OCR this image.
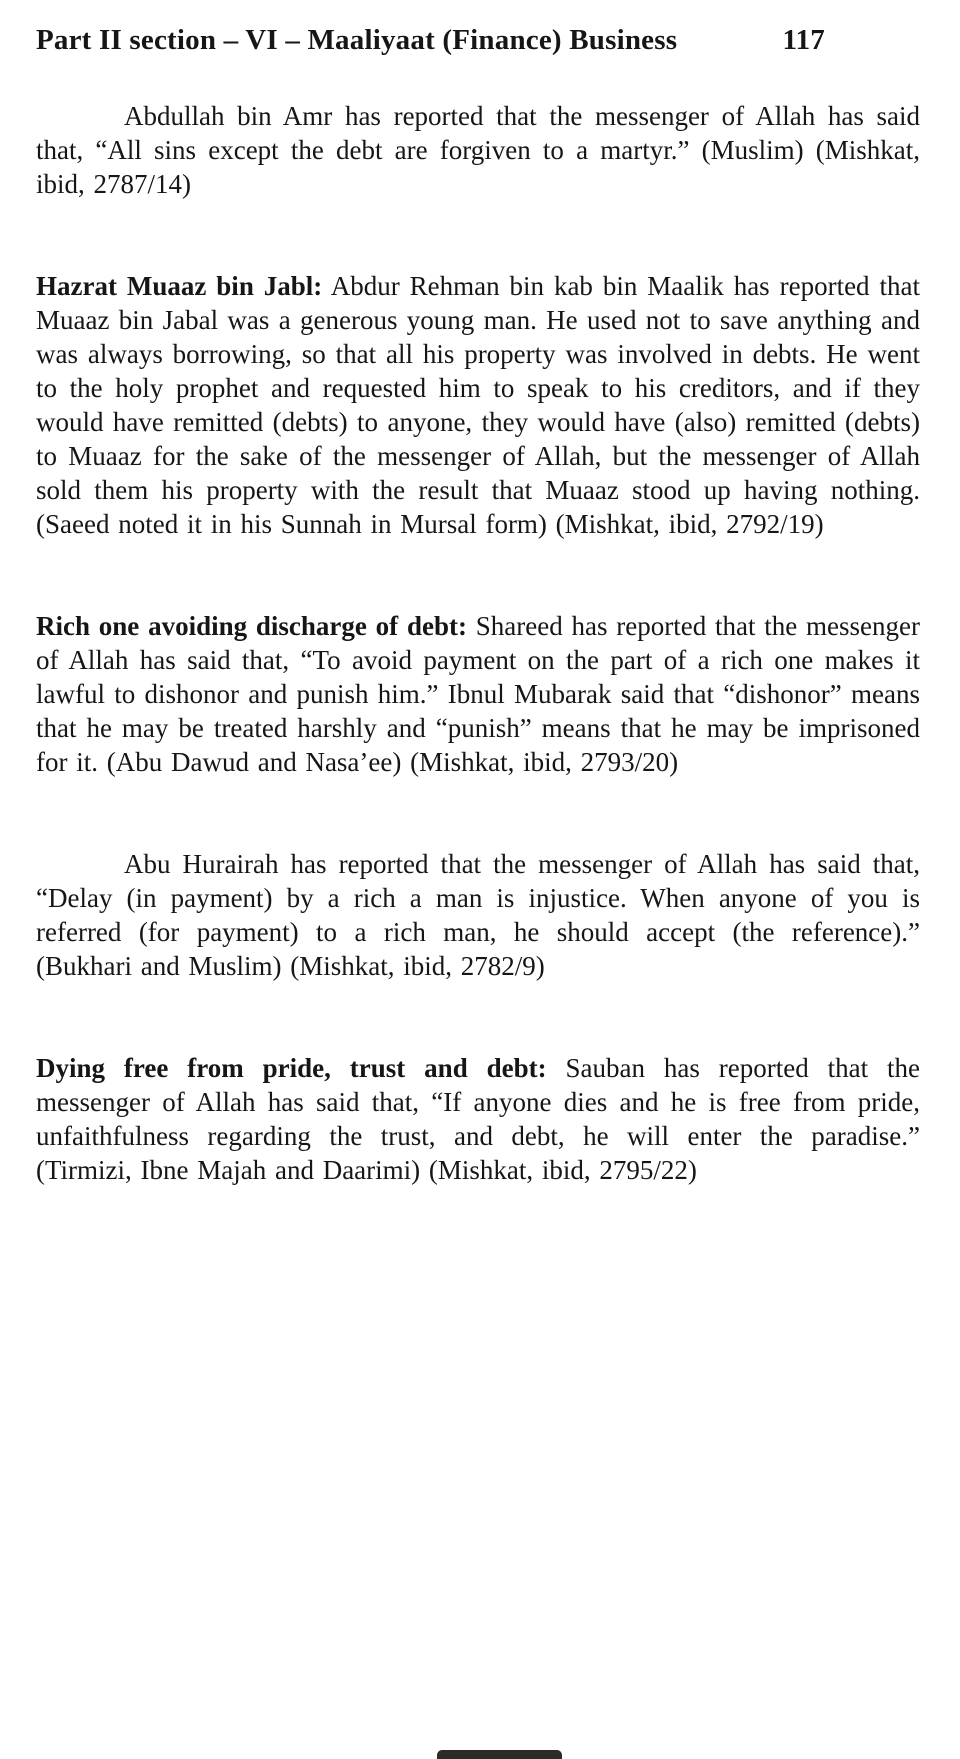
Part II section – VI – Maaliyaat (Finance) Business	117

Abdullah bin Amr has reported that the messenger of Allah has said that, “All sins except the debt are forgiven to a martyr.” (Muslim) (Mishkat, ibid, 2787/14)

Hazrat Muaaz bin Jabl: Abdur Rehman bin kab bin Maalik has reported that Muaaz bin Jabal was a generous young man. He used not to save anything and was always borrowing, so that all his property was involved in debts. He went to the holy prophet and requested him to speak to his creditors, and if they would have remitted (debts) to anyone, they would have (also) remitted (debts) to Muaaz for the sake of the messenger of Allah, but the messenger of Allah sold them his property with the result that Muaaz stood up having nothing. (Saeed noted it in his Sunnah in Mursal form) (Mishkat, ibid, 2792/19)

Rich one avoiding discharge of debt: Shareed has reported that the messenger of Allah has said that, “To avoid payment on the part of a rich one makes it lawful to dishonor and punish him.” Ibnul Mubarak said that “dishonor” means that he may be treated harshly and “punish” means that he may be imprisoned for it. (Abu Dawud and Nasa’ee) (Mishkat, ibid, 2793/20)

Abu Hurairah has reported that the messenger of Allah has said that, “Delay (in payment) by a rich a man is injustice. When anyone of you is referred (for payment) to a rich man, he should accept (the reference).” (Bukhari and Muslim) (Mishkat, ibid, 2782/9)

Dying free from pride, trust and debt: Sauban has reported that the messenger of Allah has said that, “If anyone dies and he is free from pride, unfaithfulness regarding the trust, and debt, he will enter the paradise.” (Tirmizi, Ibne Majah and Daarimi) (Mishkat, ibid, 2795/22)
